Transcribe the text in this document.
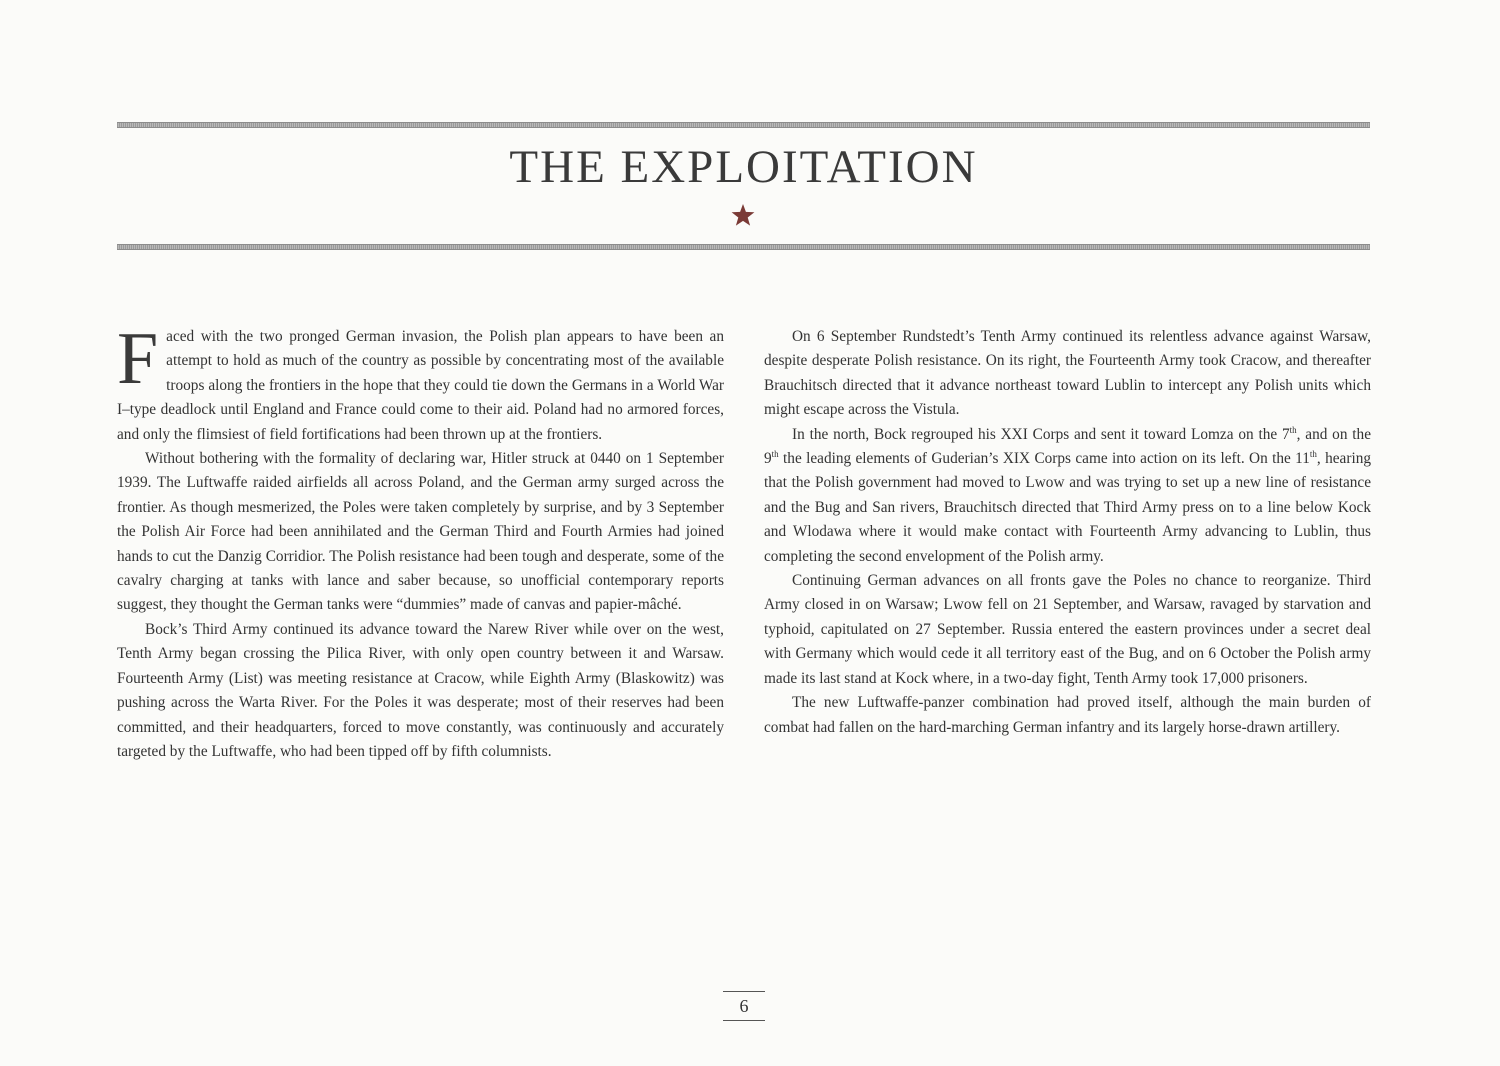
THE EXPLOITATION

Faced with the two pronged German invasion, the Polish plan appears to have been an attempt to hold as much of the country as possible by concentrating most of the available troops along the frontiers in the hope that they could tie down the Germans in a World War I–type deadlock until England and France could come to their aid. Poland had no armored forces, and only the flimsiest of field fortifications had been thrown up at the frontiers.

Without bothering with the formality of declaring war, Hitler struck at 0440 on 1 September 1939. The Luftwaffe raided airfields all across Poland, and the German army surged across the frontier. As though mesmerized, the Poles were taken completely by surprise, and by 3 September the Polish Air Force had been annihilated and the German Third and Fourth Armies had joined hands to cut the Danzig Corridior. The Polish resistance had been tough and desperate, some of the cavalry charging at tanks with lance and saber because, so unofficial contemporary reports suggest, they thought the German tanks were “dummies” made of canvas and papier-mâché.

Bock’s Third Army continued its advance toward the Narew River while over on the west, Tenth Army began crossing the Pilica River, with only open country between it and Warsaw. Fourteenth Army (List) was meeting resistance at Cracow, while Eighth Army (Blaskowitz) was pushing across the Warta River. For the Poles it was desperate; most of their reserves had been committed, and their headquarters, forced to move constantly, was continuously and accurately targeted by the Luftwaffe, who had been tipped off by fifth columnists.

On 6 September Rundstedt’s Tenth Army continued its relentless advance against Warsaw, despite desperate Polish resistance. On its right, the Fourteenth Army took Cracow, and thereafter Brauchitsch directed that it advance northeast toward Lublin to intercept any Polish units which might escape across the Vistula.

In the north, Bock regrouped his XXI Corps and sent it toward Lomza on the 7th, and on the 9th the leading elements of Guderian’s XIX Corps came into action on its left. On the 11th, hearing that the Polish government had moved to Lwow and was trying to set up a new line of resistance and the Bug and San rivers, Brauchitsch directed that Third Army press on to a line below Kock and Wlodawa where it would make contact with Fourteenth Army advancing to Lublin, thus completing the second envelopment of the Polish army.

Continuing German advances on all fronts gave the Poles no chance to reorganize. Third Army closed in on Warsaw; Lwow fell on 21 September, and Warsaw, ravaged by starvation and typhoid, capitulated on 27 September. Russia entered the eastern provinces under a secret deal with Germany which would cede it all territory east of the Bug, and on 6 October the Polish army made its last stand at Kock where, in a two-day fight, Tenth Army took 17,000 prisoners.

The new Luftwaffe-panzer combination had proved itself, although the main burden of combat had fallen on the hard-marching German infantry and its largely horse-drawn artillery.

6
